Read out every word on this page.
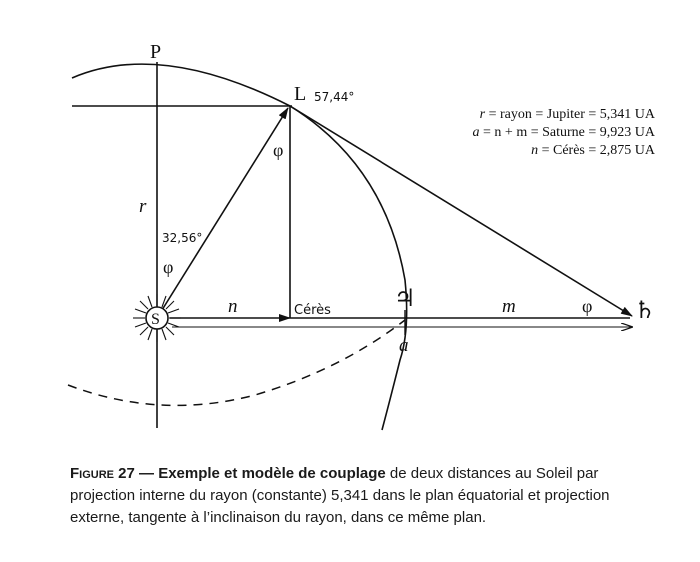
P
L 57,44°
S
r
32,56°
φ
φ
φ
n	Cérès	♃	m	♄
a
r = rayon = Jupiter = 5,341 UA
a = n + m = Saturne = 9,923 UA
n = Cérès = 2,875 UA
Figure 27 — Exemple et modèle de couplage de deux distances au Soleil par projection interne du rayon (constante) 5,341 dans le plan équatorial et projection externe, tangente à l’inclinaison du rayon, dans ce même plan.
